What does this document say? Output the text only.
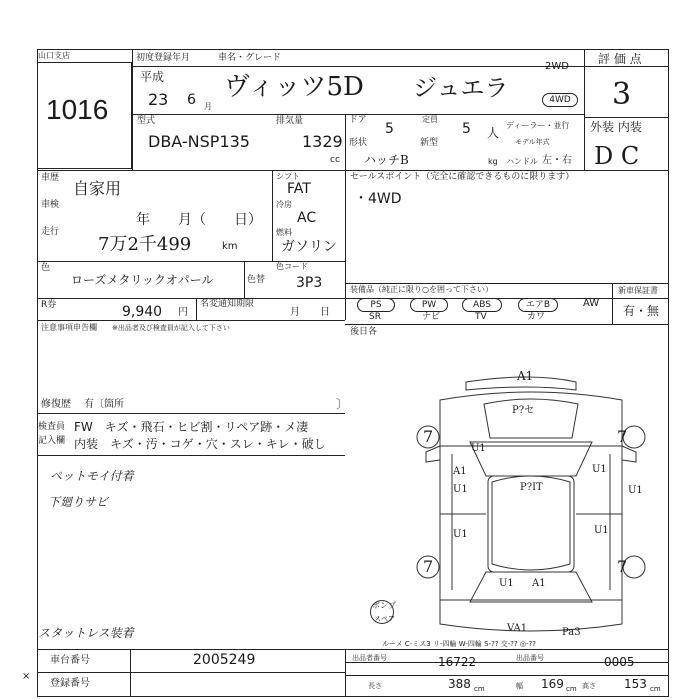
山口支店
1016
初度登録年月	車名・グレード
平成
23 6 月
ヴィッツ5D ジュエラ
2WD
4WD
型式
DBA-NSP135
排気量
1329
cc
ドア
5
定員
5 人
ディーラー・並行
モデル年式
形状	新型
ハッチB	kg ハンドル 左・右
評 価 点
3
外装 内装
D C
車歴
自家用
車検
年　　月（　　日）
走行
7万2千499	km
シフト
FAT
冷房
AC
燃料
ガソリン
色
ローズメタリックオパール	色替
色コード
3P3
R券	9,940 円
名変通知期限
月　　日
セールスポイント（完全に確認できるものに限ります）
・4WD
装備品（純正に限り○を囲って下さい）	新車保証書
有・無
PS	PW	ABS	エアB	AW
SR	ナビ	TV	カワ
後日各
注意事項申告欄 ※出品者及び検査員が記入して下さい
修復歴 有〔箇所	〕
検査員
記入欄
FW　キズ・飛石・ヒビ割・リペア跡・メ凄
内装　キズ・汚・コゲ・穴・スレ・キレ・破し
ペットモイ付着
下廻りサビ
スタットレス装着
×
A1
P?セ
P?IT
A1
U1
U1
U1
U1
U1
U1
U1 A1
7	7
7	7
ボンプ
スペア
VA1	Pa3
ルーメ C-ミス3 リ-四輪 W-四輪 S-?? 交-?? ◎-??
車台番号	2005249
登録番号
出品者番号	16722	出品番号	0005
長さ	388 cm	幅 169 cm 高さ 153 cm
